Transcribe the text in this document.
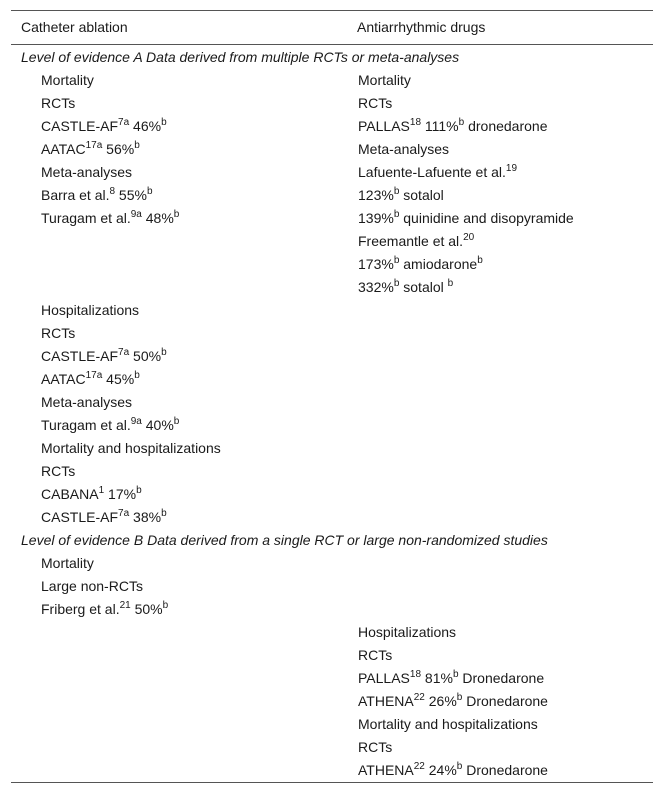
Catheter ablation	Antiarrhythmic drugs
Level of evidence A Data derived from multiple RCTs or meta-analyses	
Mortality	Mortality
RCTs	RCTs
CASTLE-$AF^{7a}$ 46%$^b$	PALLAS$^{18}$ 111%$^b$ dronedarone
$AATAC^{17a}$ 56%$^b$	Meta-analyses
Meta-analyses	Lafuente-Lafuente et al.$^{19}$
Barra et al.$^8$ 55%$^b$	123%$^b$ sotalol
Turagam et al.$^{9a}$ 48%$^b$	139%$^b$ quinidine and disopyramide
	Freemantle et al.$^{20}$
	173%$^b$ amiodarone$^b$
	332%$^b$ sotalol $^b$
Hospitalizations	
RCTs	
CASTLE-$AF^{7a}$ 50%$^b$	
$AATAC^{17a}$ 45%$^b$	
Meta-analyses	
Turagam et al.$^{9a}$ 40%$^b$	
Mortality and hospitalizations	
RCTs	
CABANA$^1$ 17%$^b$	
CASTLE-$AF^{7a}$ 38%$^b$	
Level of evidence B Data derived from a single RCT or large non-randomized studies	
Mortality	
Large non-RCTs	
Friberg et al.$^{21}$ 50%$^b$	
	Hospitalizations
	RCTs
	PALLAS$^{18}$ 81%$^b$ Dronedarone
	ATHENA$^{22}$ 26%$^b$ Dronedarone
	Mortality and hospitalizations
	RCTs
	ATHENA$^{22}$ 24%$^b$ Dronedarone
